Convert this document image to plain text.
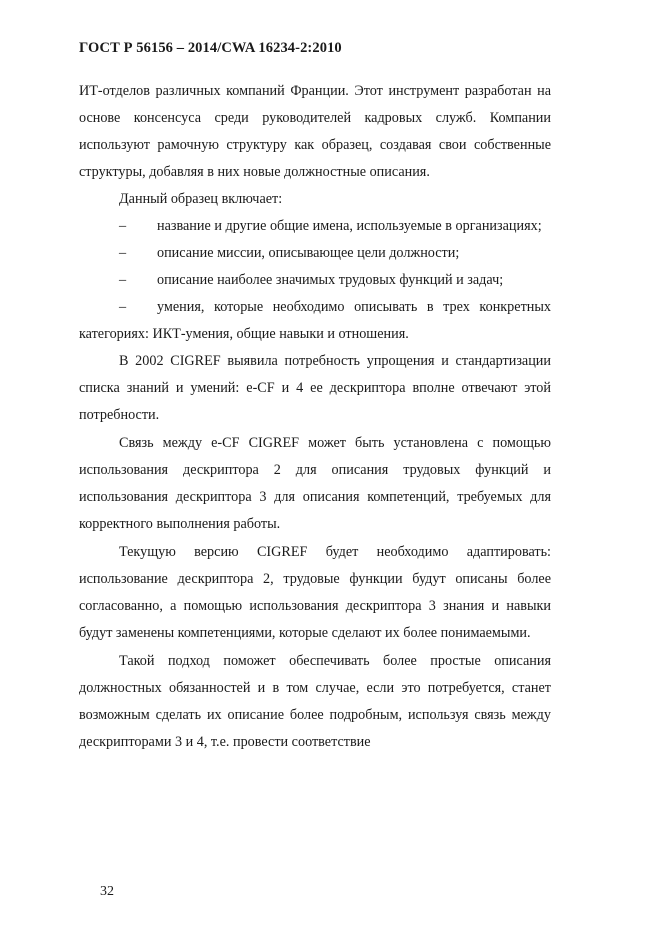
ГОСТ Р 56156 – 2014/CWA 16234-2:2010

ИТ-отделов различных компаний Франции. Этот инструмент разработан на основе консенсуса среди руководителей кадровых служб. Компании используют рамочную структуру как образец, создавая свои собственные структуры, добавляя в них новые должностные описания.

Данный образец включает:

– название и другие общие имена, используемые в организациях;

– описание миссии, описывающее цели должности;

– описание наиболее значимых трудовых функций и задач;

– умения, которые необходимо описывать в трех конкретных категориях: ИКТ-умения, общие навыки и отношения.

В 2002 CIGREF выявила потребность упрощения и стандартизации списка знаний и умений: e-CF и 4 ее дескриптора вполне отвечают этой потребности.

Связь между e-CF CIGREF может быть установлена с помощью использования дескриптора 2 для описания трудовых функций и использования дескриптора 3 для описания компетенций, требуемых для корректного выполнения работы.

Текущую версию CIGREF будет необходимо адаптировать: использование дескриптора 2, трудовые функции будут описаны более согласованно, а помощью использования дескриптора 3 знания и навыки будут заменены компетенциями, которые сделают их более понимаемыми.

Такой подход поможет обеспечивать более простые описания должностных обязанностей и в том случае, если это потребуется, станет возможным сделать их описание более подробным, используя связь между дескрипторами 3 и 4, т.е. провести соответствие

32
